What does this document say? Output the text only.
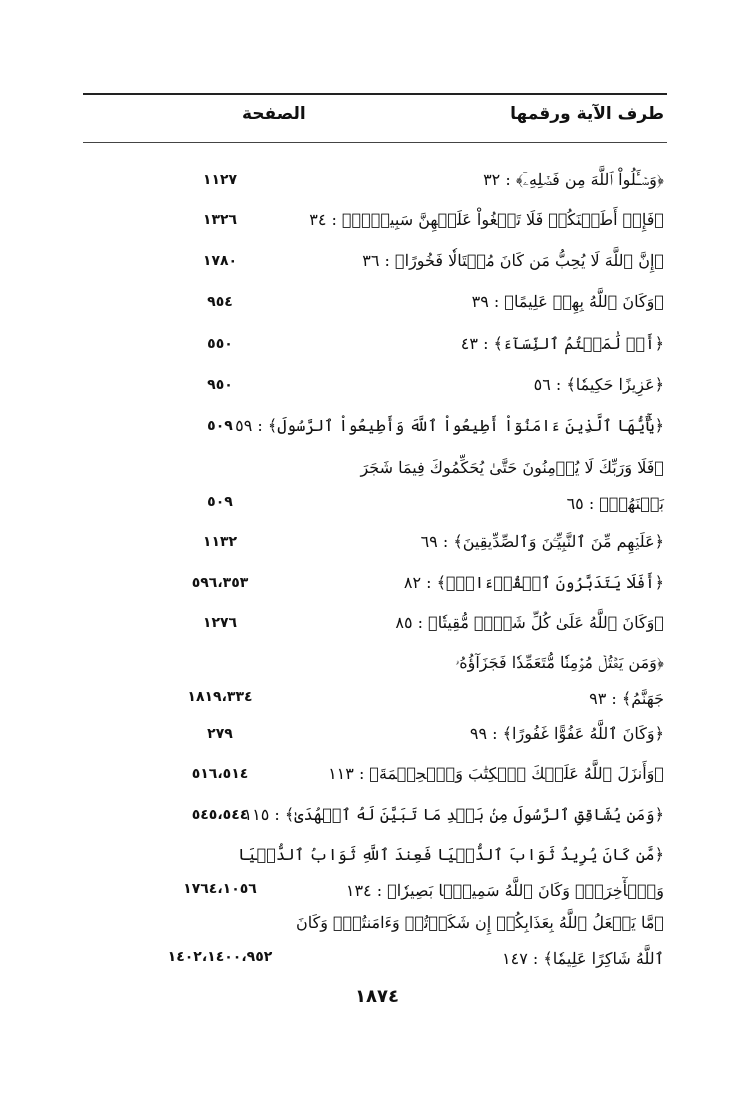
طرف الآية ورقمها
الصفحة
﴿وَسۡـَٔلُواْ ٱللَّهَ مِن فَضۡلِهِۦٓ﴾ : ٣٢
١١٢٧
﴿فَإِنۡ أَطَعۡنَكُمۡ فَلَا تَبۡغُواْ عَلَيۡهِنَّ سَبِيلًاۗ﴾ : ٣٤
١٣٢٦
﴿إِنَّ ٱللَّهَ لَا يُحِبُّ مَن كَانَ مُخۡتَالٗا فَخُورًا﴾ : ٣٦
١٧٨٠
﴿وَكَانَ ٱللَّهُ بِهِمۡ عَلِيمًا﴾ : ٣٩
٩٥٤
﴿أَوۡ لَٰمَسۡتُمُ ٱلنِّسَآءَ﴾ : ٤٣
٥٥٠
﴿عَزِيزًا حَكِيمٗا﴾ : ٥٦
٩٥٠
﴿يَٰٓأَيُّهَا ٱلَّذِينَ ءَامَنُوٓاْ أَطِيعُواْ ٱللَّهَ وَأَطِيعُواْ ٱلرَّسُولَ﴾ : ٥٩
٥٠٩
﴿فَلَا وَرَبِّكَ لَا يُؤۡمِنُونَ حَتَّىٰ يُحَكِّمُوكَ فِيمَا شَجَرَ
بَيۡنَهُمۡ﴾ : ٦٥
٥٠٩
﴿عَلَيۡهِم مِّنَ ٱلنَّبِيِّـۧنَ وَٱلصِّدِّيقِينَ﴾ : ٦٩
١١٣٢
﴿أَفَلَا يَتَدَبَّرُونَ ٱلۡقُرۡءَانَۚ﴾ : ٨٢
٥٩٦،٣٥٣
﴿وَكَانَ ٱللَّهُ عَلَىٰ كُلِّ شَيۡءٖ مُّقِيتٗا﴾ : ٨٥
١٢٧٦
﴿وَمَن يَقۡتُلۡ مُؤۡمِنٗا مُّتَعَمِّدٗا فَجَزَآؤُهُۥ
جَهَنَّمُ﴾ : ٩٣
١٨١٩،٣٣٤
﴿وَكَانَ ٱللَّهُ عَفُوًّا غَفُورًا﴾ : ٩٩
٢٧٩
﴿وَأَنزَلَ ٱللَّهُ عَلَيۡكَ ٱلۡكِتَٰبَ وَٱلۡحِكۡمَةَ﴾ : ١١٣
٥١٦،٥١٤
﴿وَمَن يُشَاقِقِ ٱلرَّسُولَ مِنۢ بَعۡدِ مَا تَبَيَّنَ لَهُ ٱلۡهُدَىٰ﴾ : ١١٥
٥٤٥،٥٤٤
﴿مَّن كَانَ يُرِيدُ ثَوَابَ ٱلدُّنۡيَا فَعِندَ ٱللَّهِ ثَوَابُ ٱلدُّنۡيَا
وَٱلۡأٓخِرَةِۚ وَكَانَ ٱللَّهُ سَمِيعَۢا بَصِيرٗا﴾ : ١٣٤
١٧٦٤،١٠٥٦
﴿مَّا يَفۡعَلُ ٱللَّهُ بِعَذَابِكُمۡ إِن شَكَرۡتُمۡ وَءَامَنتُمۡۚ وَكَانَ
ٱللَّهُ شَاكِرًا عَلِيمٗا﴾ : ١٤٧
١٤٠٢،١٤٠٠،٩٥٢
١٨٧٤
